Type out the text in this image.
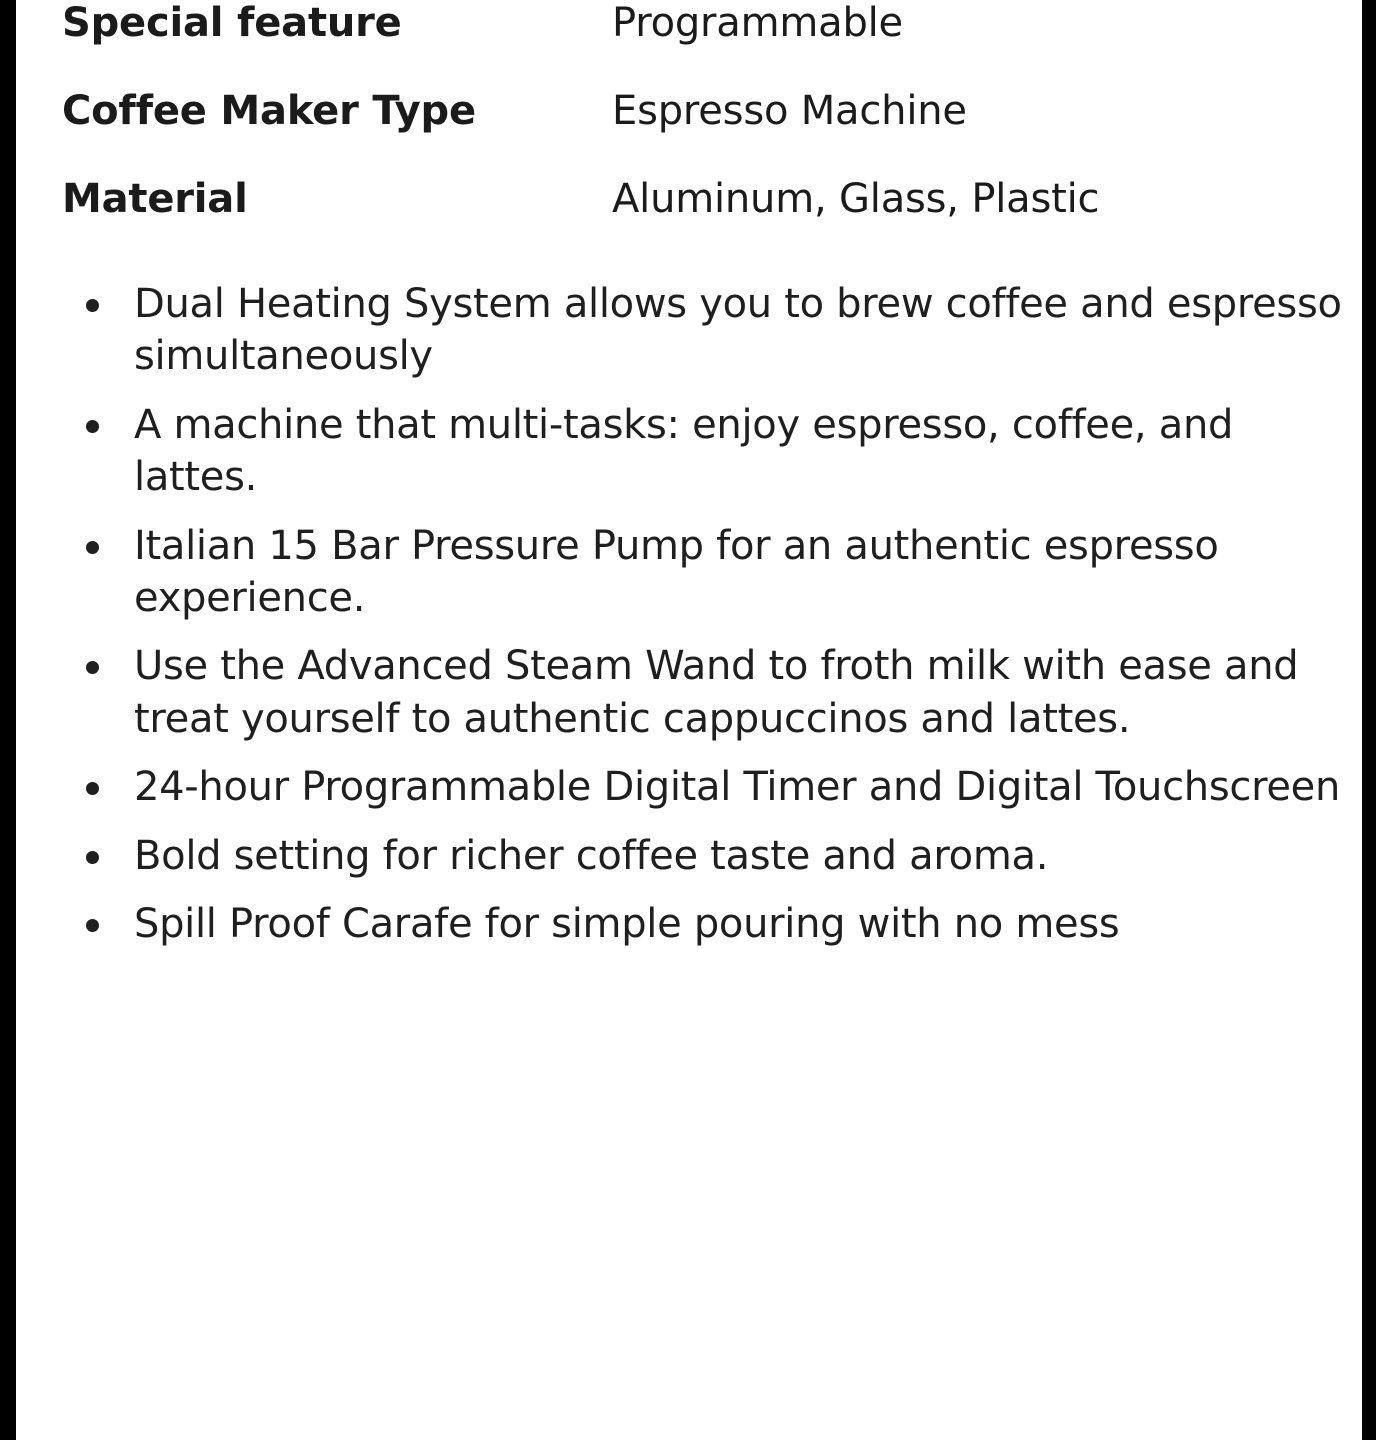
Special feature	Programmable
Coffee Maker Type	Espresso Machine
Material	Aluminum, Glass, Plastic
Dual Heating System allows you to brew coffee and espresso simultaneously
A machine that multi-tasks: enjoy espresso, coffee, and lattes.
Italian 15 Bar Pressure Pump for an authentic espresso experience.
Use the Advanced Steam Wand to froth milk with ease and treat yourself to authentic cappuccinos and lattes.
24-hour Programmable Digital Timer and Digital Touchscreen
Bold setting for richer coffee taste and aroma.
Spill Proof Carafe for simple pouring with no mess
